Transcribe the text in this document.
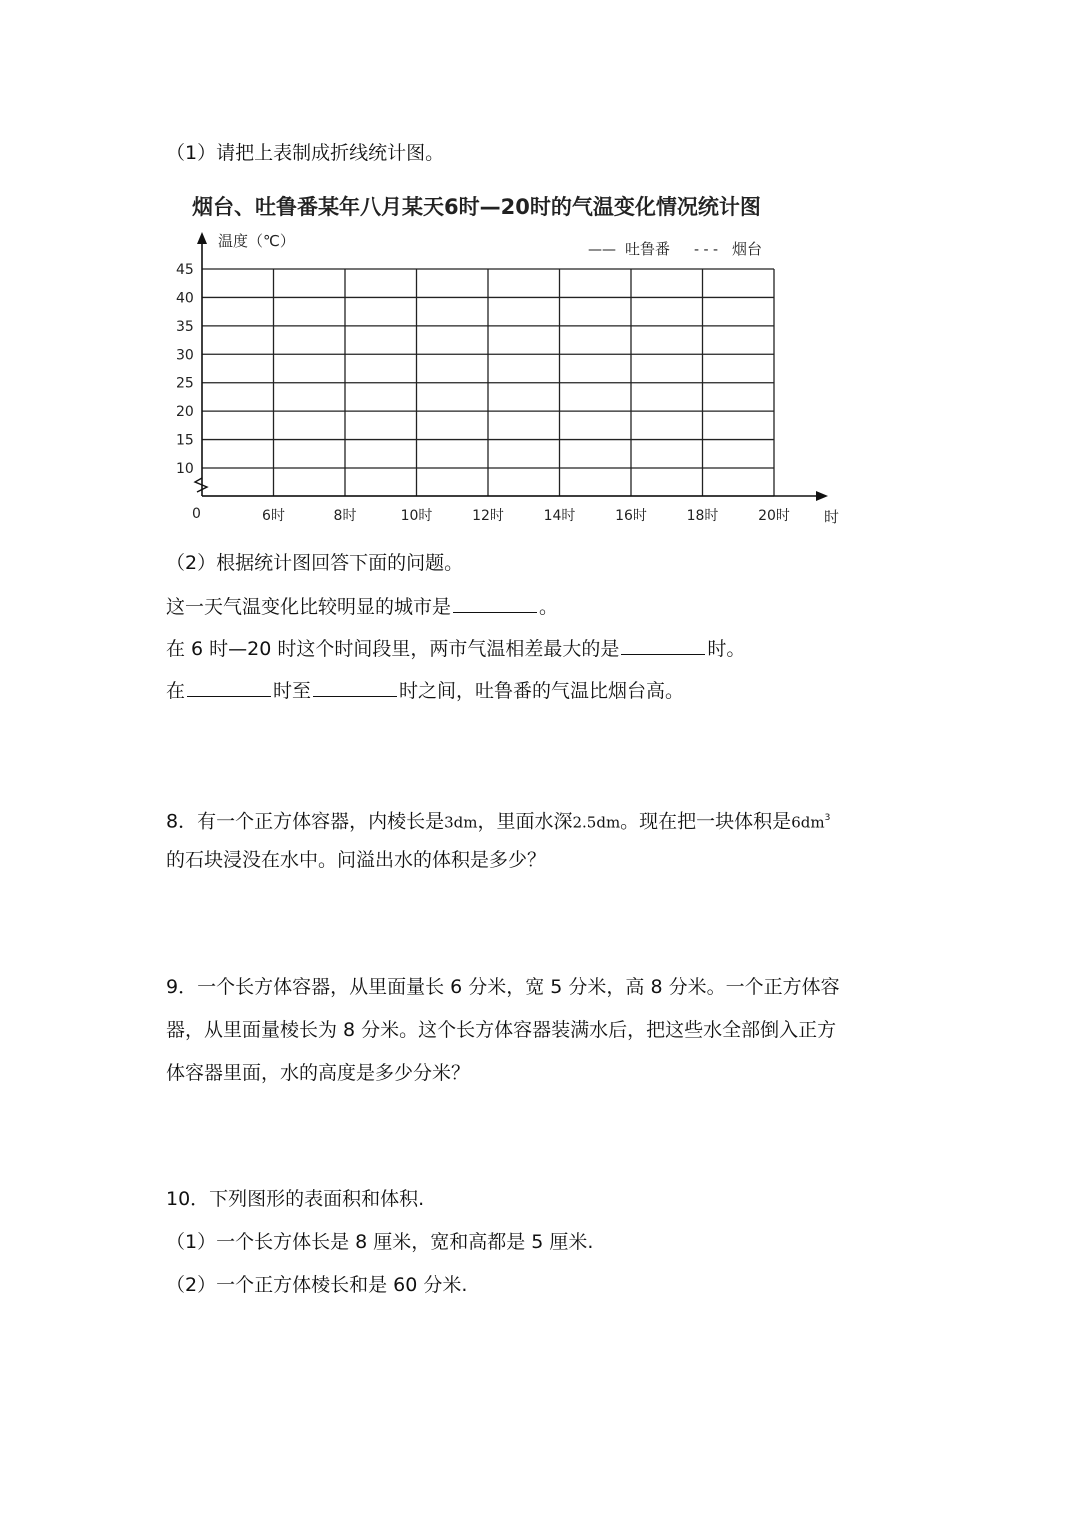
（1）请把上表制成折线统计图。
烟台、吐鲁番某年八月某天6时—20时的气温变化情况统计图
45
40
35
30
25
20
15
10
6时	8时	10时	12时	14时	16时	18时	20时
温度（℃）
时
0
—— 吐鲁番 - - - 烟台
（2）根据统计图回答下面的问题。
这一天气温变化比较明显的城市是	。
在 6 时—20 时这个时间段里，两市气温相差最大的是	时。
在	时至	时之间，吐鲁番的气温比烟台高。
8．有一个正方体容器，内棱长是3dm，里面水深2.5dm。现在把一块体积是$6dm^3$
的石块浸没在水中。问溢出水的体积是多少？
9．一个长方体容器，从里面量长 6 分米，宽 5 分米，高 8 分米。一个正方体容
器，从里面量棱长为 8 分米。这个长方体容器装满水后，把这些水全部倒入正方
体容器里面，水的高度是多少分米？
10．下列图形的表面积和体积.
（1）一个长方体长是 8 厘米，宽和高都是 5 厘米.
（2）一个正方体棱长和是 60 分米.
